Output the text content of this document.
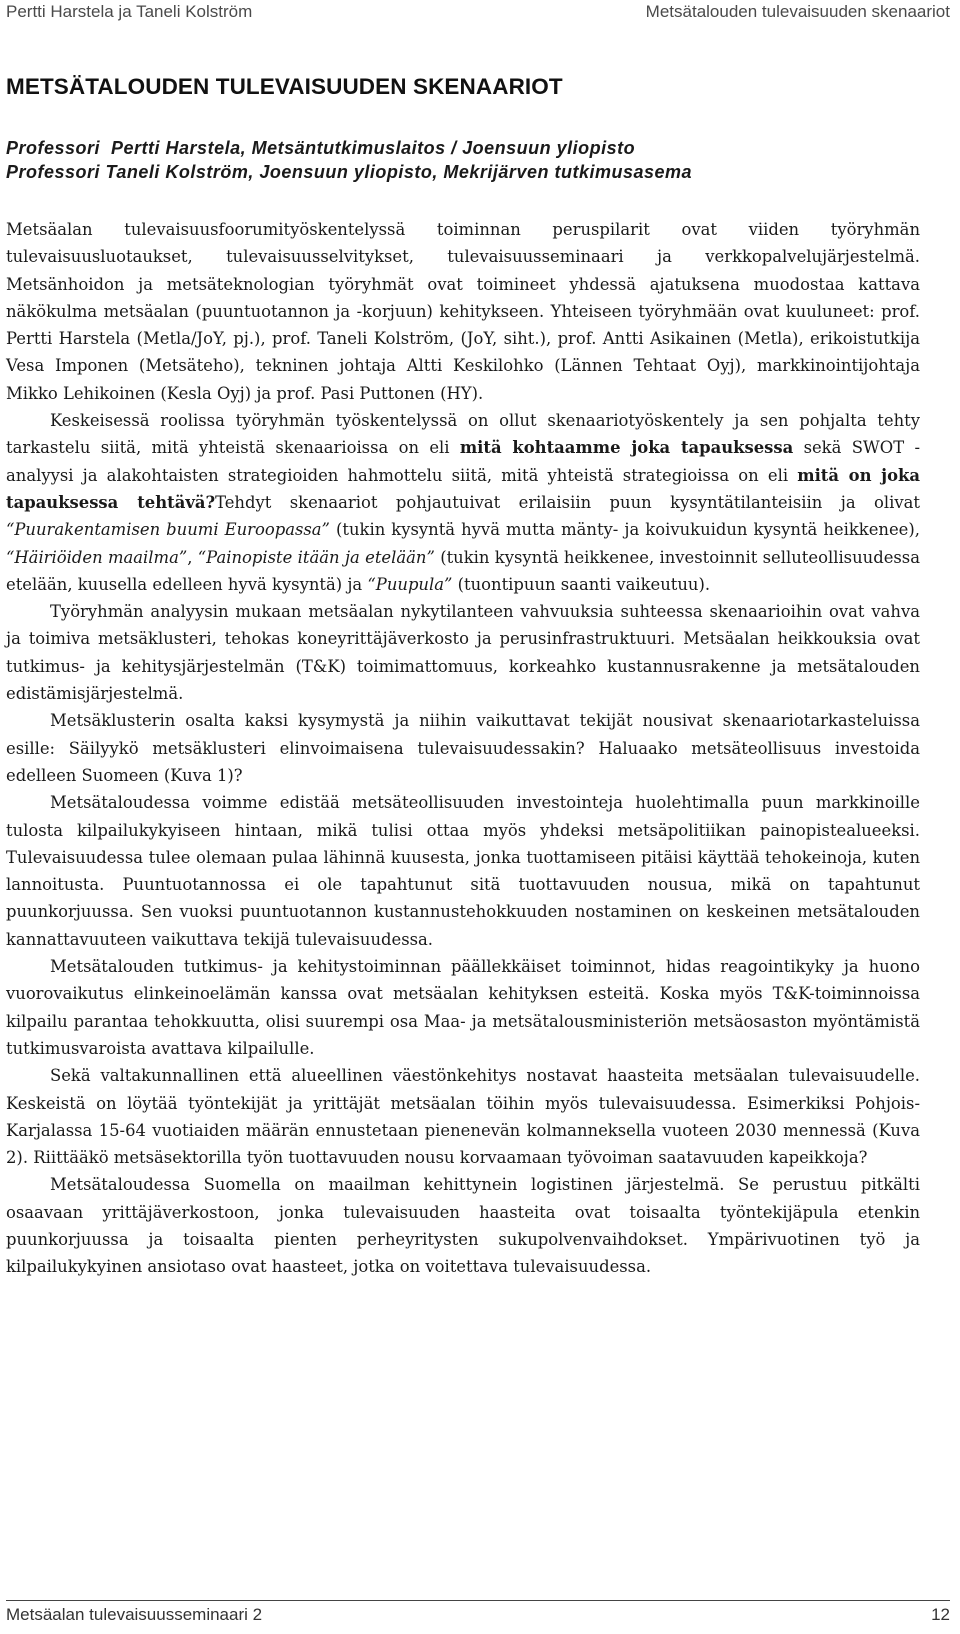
Pertti Harstela ja Taneli Kolström	Metsätalouden tulevaisuuden skenaariot
METSÄTALOUDEN TULEVAISUUDEN SKENAARIOT
Professori  Pertti Harstela, Metsäntutkimuslaitos / Joensuun yliopisto
Professori Taneli Kolström, Joensuun yliopisto, Mekrijärven tutkimusasema

Metsäalan tulevaisuusfoorumityöskentelyssä toiminnan peruspilarit ovat viiden työryhmän tulevaisuusluotaukset, tulevaisuusselvitykset, tulevaisuusseminaari ja verkkopalvelujärjestelmä. Metsänhoidon ja metsäteknologian työryhmät ovat toimineet yhdessä ajatuksena muodostaa kattava näkökulma metsäalan (puuntuotannon ja -korjuun) kehitykseen. Yhteiseen työryhmään ovat kuuluneet: prof. Pertti Harstela (Metla/JoY, pj.), prof. Taneli Kolström, (JoY, siht.), prof. Antti Asikainen (Metla), erikoistutkija Vesa Imponen (Metsäteho), tekninen johtaja Altti Keskilohko (Lännen Tehtaat Oyj), markkinointijohtaja Mikko Lehikoinen (Kesla Oyj) ja prof. Pasi Puttonen (HY).

Keskeisessä roolissa työryhmän työskentelyssä on ollut skenaariotyöskentely ja sen pohjalta tehty tarkastelu siitä, mitä yhteistä skenaarioissa on eli mitä kohtaamme joka tapauksessa sekä SWOT -analyysi ja alakohtaisten strategioiden hahmottelu siitä, mitä yhteistä strategioissa on eli mitä on joka tapauksessa tehtävä?Tehdyt skenaariot pohjautuivat erilaisiin puun kysyntätilanteisiin ja olivat “Puurakentamisen buumi Euroopassa” (tukin kysyntä hyvä mutta mänty- ja koivukuidun kysyntä heikkenee), “Häiriöiden maailma”, “Painopiste itään ja etelään” (tukin kysyntä heikkenee, investoinnit selluteollisuudessa etelään, kuusella edelleen hyvä kysyntä) ja “Puupula” (tuontipuun saanti vaikeutuu).

Työryhmän analyysin mukaan metsäalan nykytilanteen vahvuuksia suhteessa skenaarioihin ovat vahva ja toimiva metsäklusteri, tehokas koneyrittäjäverkosto ja perusinfrastruktuuri. Metsäalan heikkouksia ovat tutkimus- ja kehitysjärjestelmän (T&K) toimimattomuus, korkeahko kustannusrakenne ja metsätalouden edistämisjärjestelmä.

Metsäklusterin osalta kaksi kysymystä ja niihin vaikuttavat tekijät nousivat skenaariotarkasteluissa esille: Säilyykö metsäklusteri elinvoimaisena tulevaisuudessakin? Haluaako metsäteollisuus investoida edelleen Suomeen (Kuva 1)?

Metsätaloudessa voimme edistää metsäteollisuuden investointeja huolehtimalla puun markkinoille tulosta kilpailukykyiseen hintaan, mikä tulisi ottaa myös yhdeksi metsäpolitiikan painopistealueeksi. Tulevaisuudessa tulee olemaan pulaa lähinnä kuusesta, jonka tuottamiseen pitäisi käyttää tehokeinoja, kuten lannoitusta. Puuntuotannossa ei ole tapahtunut sitä tuottavuuden nousua, mikä on tapahtunut puunkorjuussa. Sen vuoksi puuntuotannon kustannustehokkuuden nostaminen on keskeinen metsätalouden kannattavuuteen vaikuttava tekijä tulevaisuudessa.

Metsätalouden tutkimus- ja kehitystoiminnan päällekkäiset toiminnot, hidas reagointikyky ja huono vuorovaikutus elinkeinoelämän kanssa ovat metsäalan kehityksen esteitä. Koska myös T&K-toiminnoissa kilpailu parantaa tehokkuutta, olisi suurempi osa Maa- ja metsätalousministeriön metsäosaston myöntämistä tutkimusvaroista avattava kilpailulle.

Sekä valtakunnallinen että alueellinen väestönkehitys nostavat haasteita metsäalan tulevaisuudelle. Keskeistä on löytää työntekijät ja yrittäjät metsäalan töihin myös tulevaisuudessa. Esimerkiksi Pohjois-Karjalassa 15-64 vuotiaiden määrän ennustetaan pienenevän kolmanneksella vuoteen 2030 mennessä (Kuva 2). Riittääkö metsäsektorilla työn tuottavuuden nousu korvaamaan työvoiman saatavuuden kapeikkoja?

Metsätaloudessa Suomella on maailman kehittynein logistinen järjestelmä. Se perustuu pitkälti osaavaan yrittäjäverkostoon, jonka tulevaisuuden haasteita ovat toisaalta työntekijäpula etenkin puunkorjuussa ja toisaalta pienten perheyritysten sukupolvenvaihdokset. Ympärivuotinen työ ja kilpailukykyinen ansiotaso ovat haasteet, jotka on voitettava tulevaisuudessa.

Metsäalan tulevaisuusseminaari 2	12
